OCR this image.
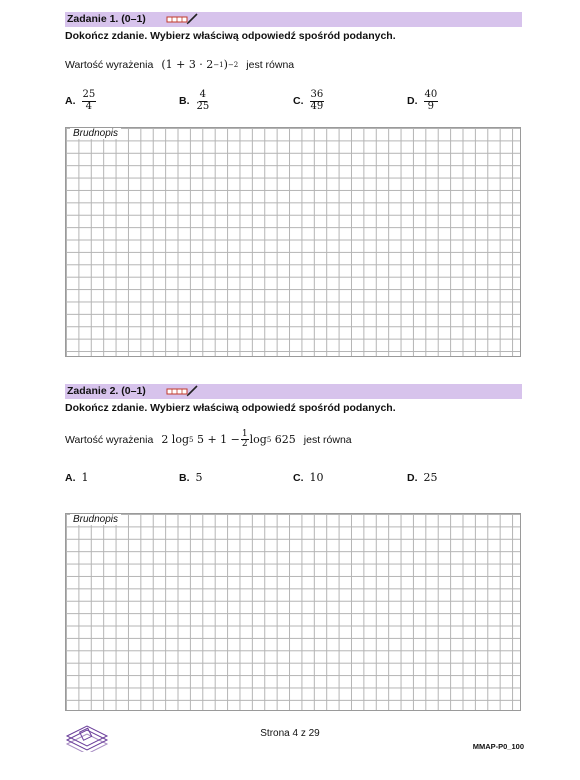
Zadanie 1. (0–1)
Dokończ zdanie. Wybierz właściwą odpowiedź spośród podanych.
Wartość wyrażenia (1 + 3 · 2 −1 ) −2 jest równa
A. $\frac{25}{4}$	B. $\frac{4}{25}$	C. $\frac{36}{49}$	D. $\frac{40}{9}$
Brudnopis
Zadanie 2. (0–1)
Dokończ zdanie. Wybierz właściwą odpowiedź spośród podanych.
Wartość wyrażenia 2 log 5 $5 + 1 - \frac{1}{2}$ log 5 625 jest równa
A. 1	B. 5	C. 10	D. 25
Brudnopis
Strona 4 z 29
MMAP-P0_100
